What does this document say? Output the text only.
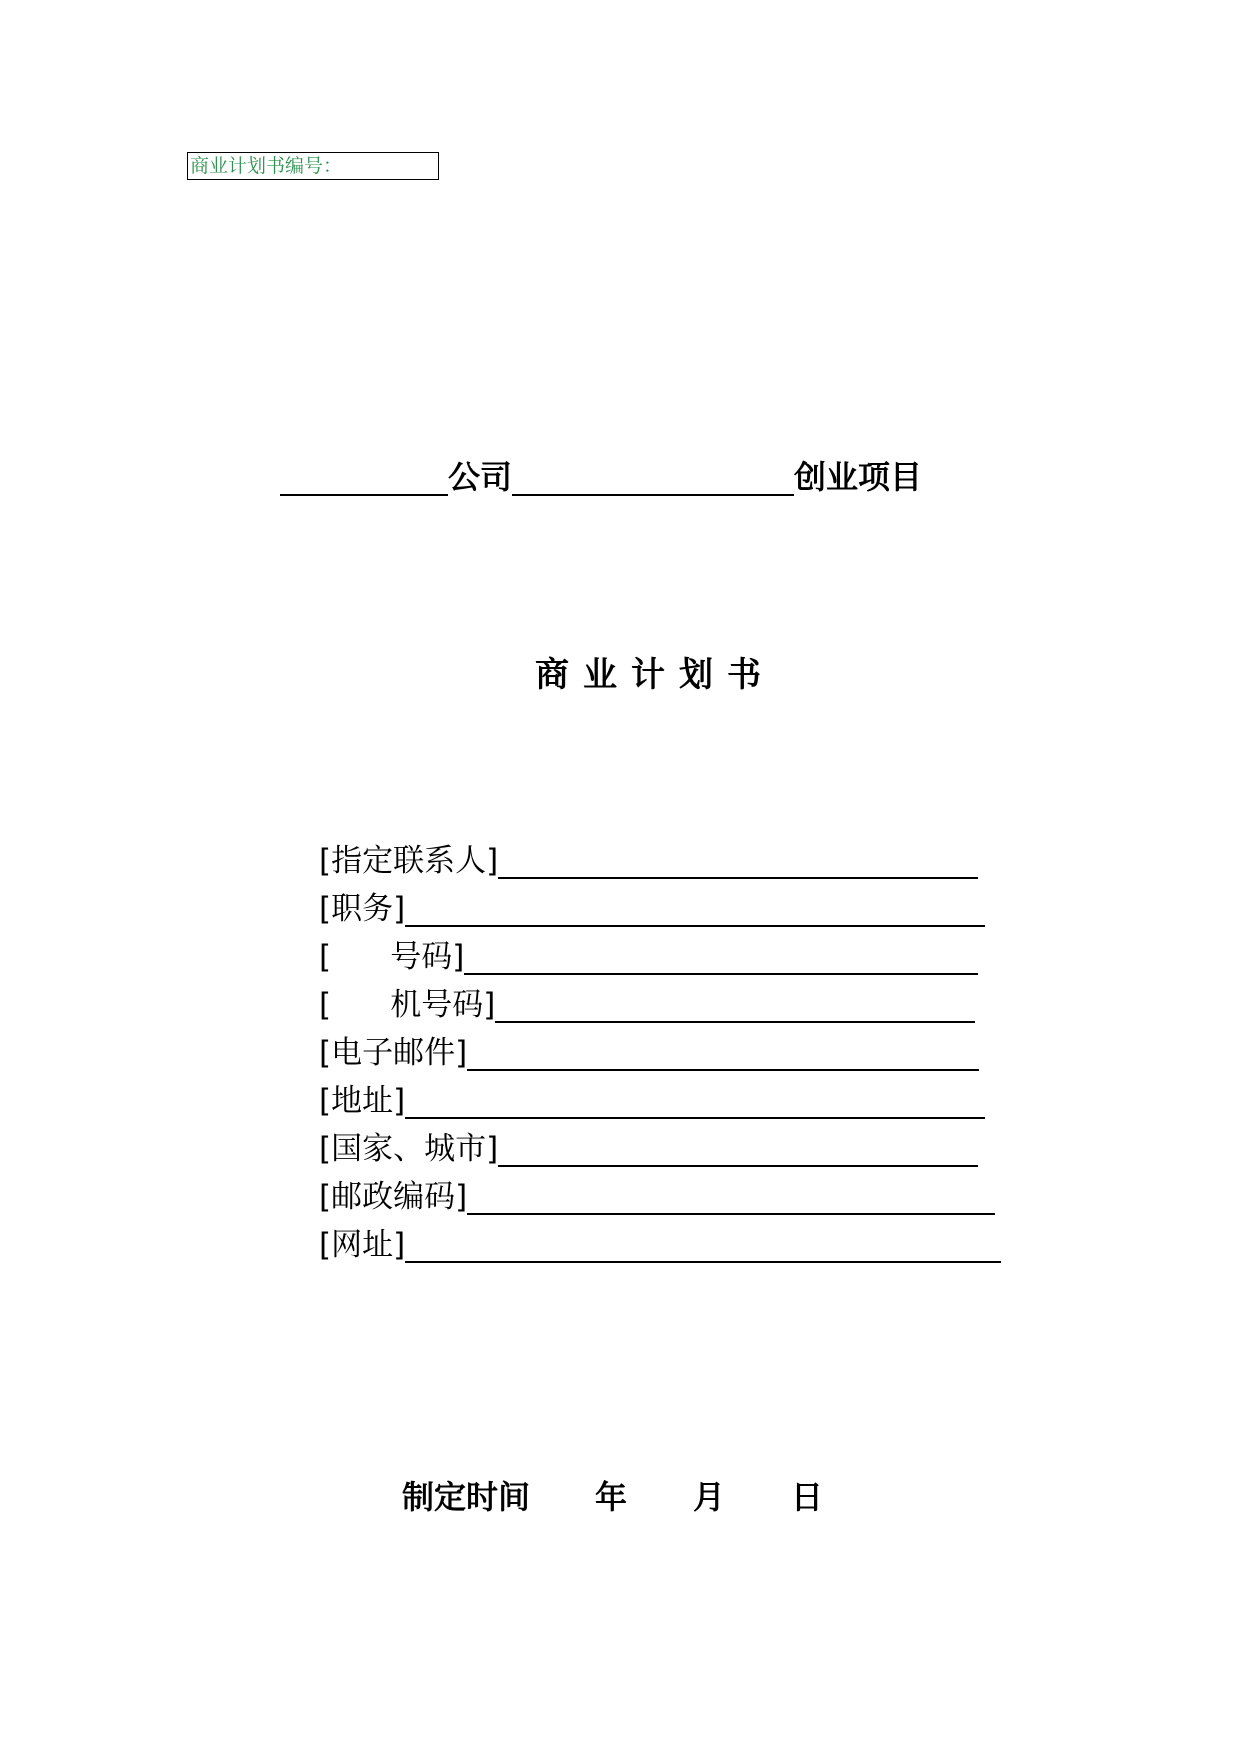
商业计划书编号：
公司	创业项目
商业计划书
[指定联系人]
[职务]
[      号码]
[      机号码]
[电子邮件]
[地址]
[国家、城市]
[邮政编码]
[网址]
制定时间 年 月 日
